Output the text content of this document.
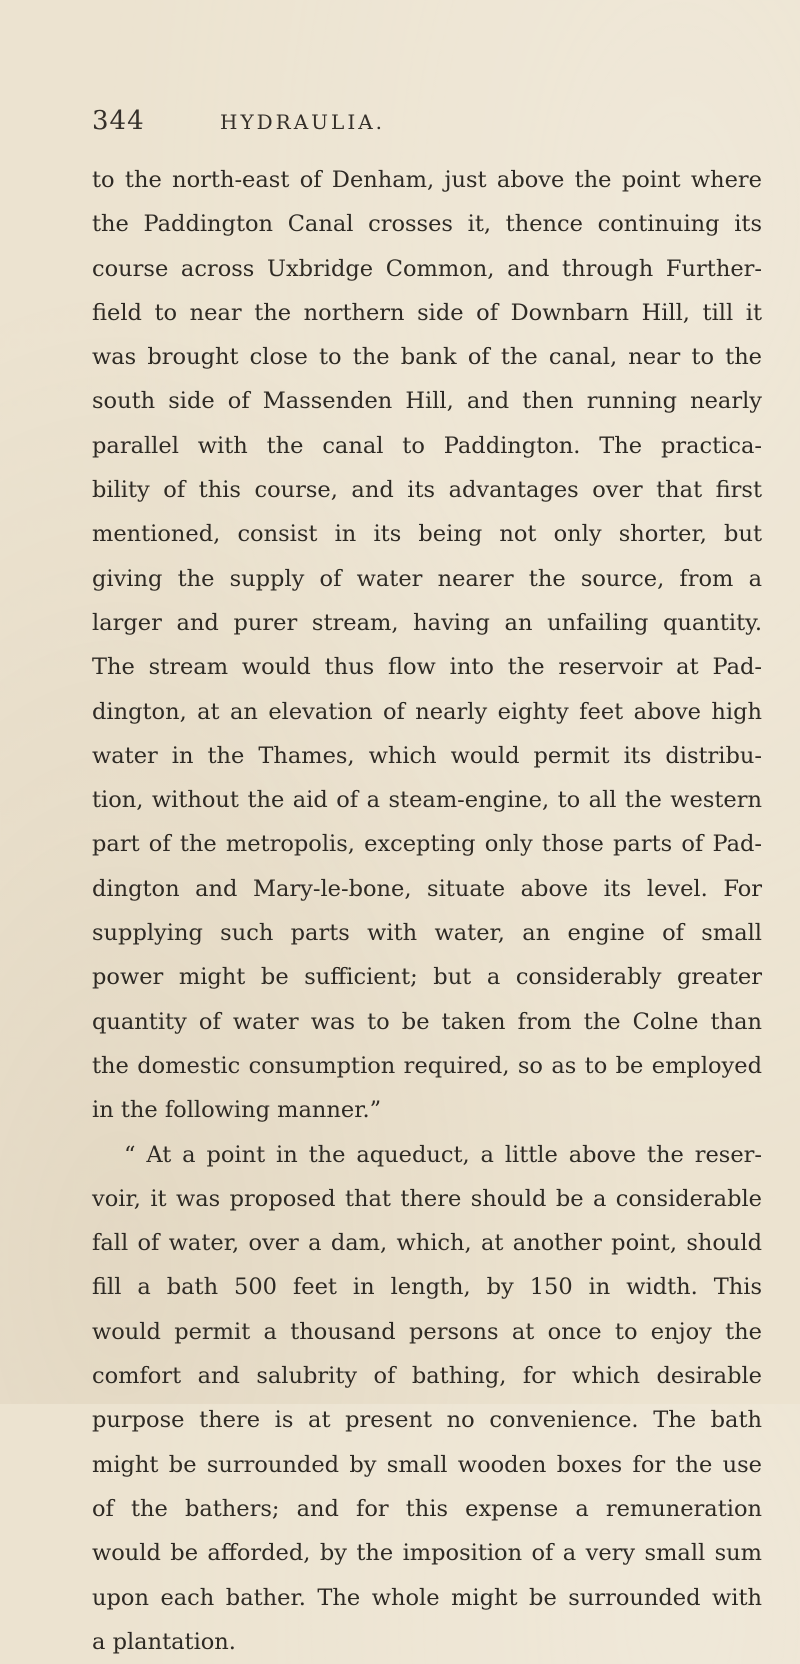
344	HYDRAULIA.
to the north-east of Denham, just above the point where
the Paddington Canal crosses it, thence continuing its
course across Uxbridge Common, and through Further-
field to near the northern side of Downbarn Hill, till it
was brought close to the bank of the canal, near to the
south side of Massenden Hill, and then running nearly
parallel with the canal to Paddington. The practica-
bility of this course, and its advantages over that first
mentioned, consist in its being not only shorter, but
giving the supply of water nearer the source, from a
larger and purer stream, having an unfailing quantity.
The stream would thus flow into the reservoir at Pad-
dington, at an elevation of nearly eighty feet above high
water in the Thames, which would permit its distribu-
tion, without the aid of a steam-engine, to all the western
part of the metropolis, excepting only those parts of Pad-
dington and Mary-le-bone, situate above its level. For
supplying such parts with water, an engine of small
power might be sufficient; but a considerably greater
quantity of water was to be taken from the Colne than
the domestic consumption required, so as to be employed
in the following manner.”
“ At a point in the aqueduct, a little above the reser-
voir, it was proposed that there should be a considerable
fall of water, over a dam, which, at another point, should
fill a bath 500 feet in length, by 150 in width. This
would permit a thousand persons at once to enjoy the
comfort and salubrity of bathing, for which desirable
purpose there is at present no convenience. The bath
might be surrounded by small wooden boxes for the use
of the bathers; and for this expense a remuneration
would be afforded, by the imposition of a very small sum
upon each bather. The whole might be surrounded with
a plantation.
